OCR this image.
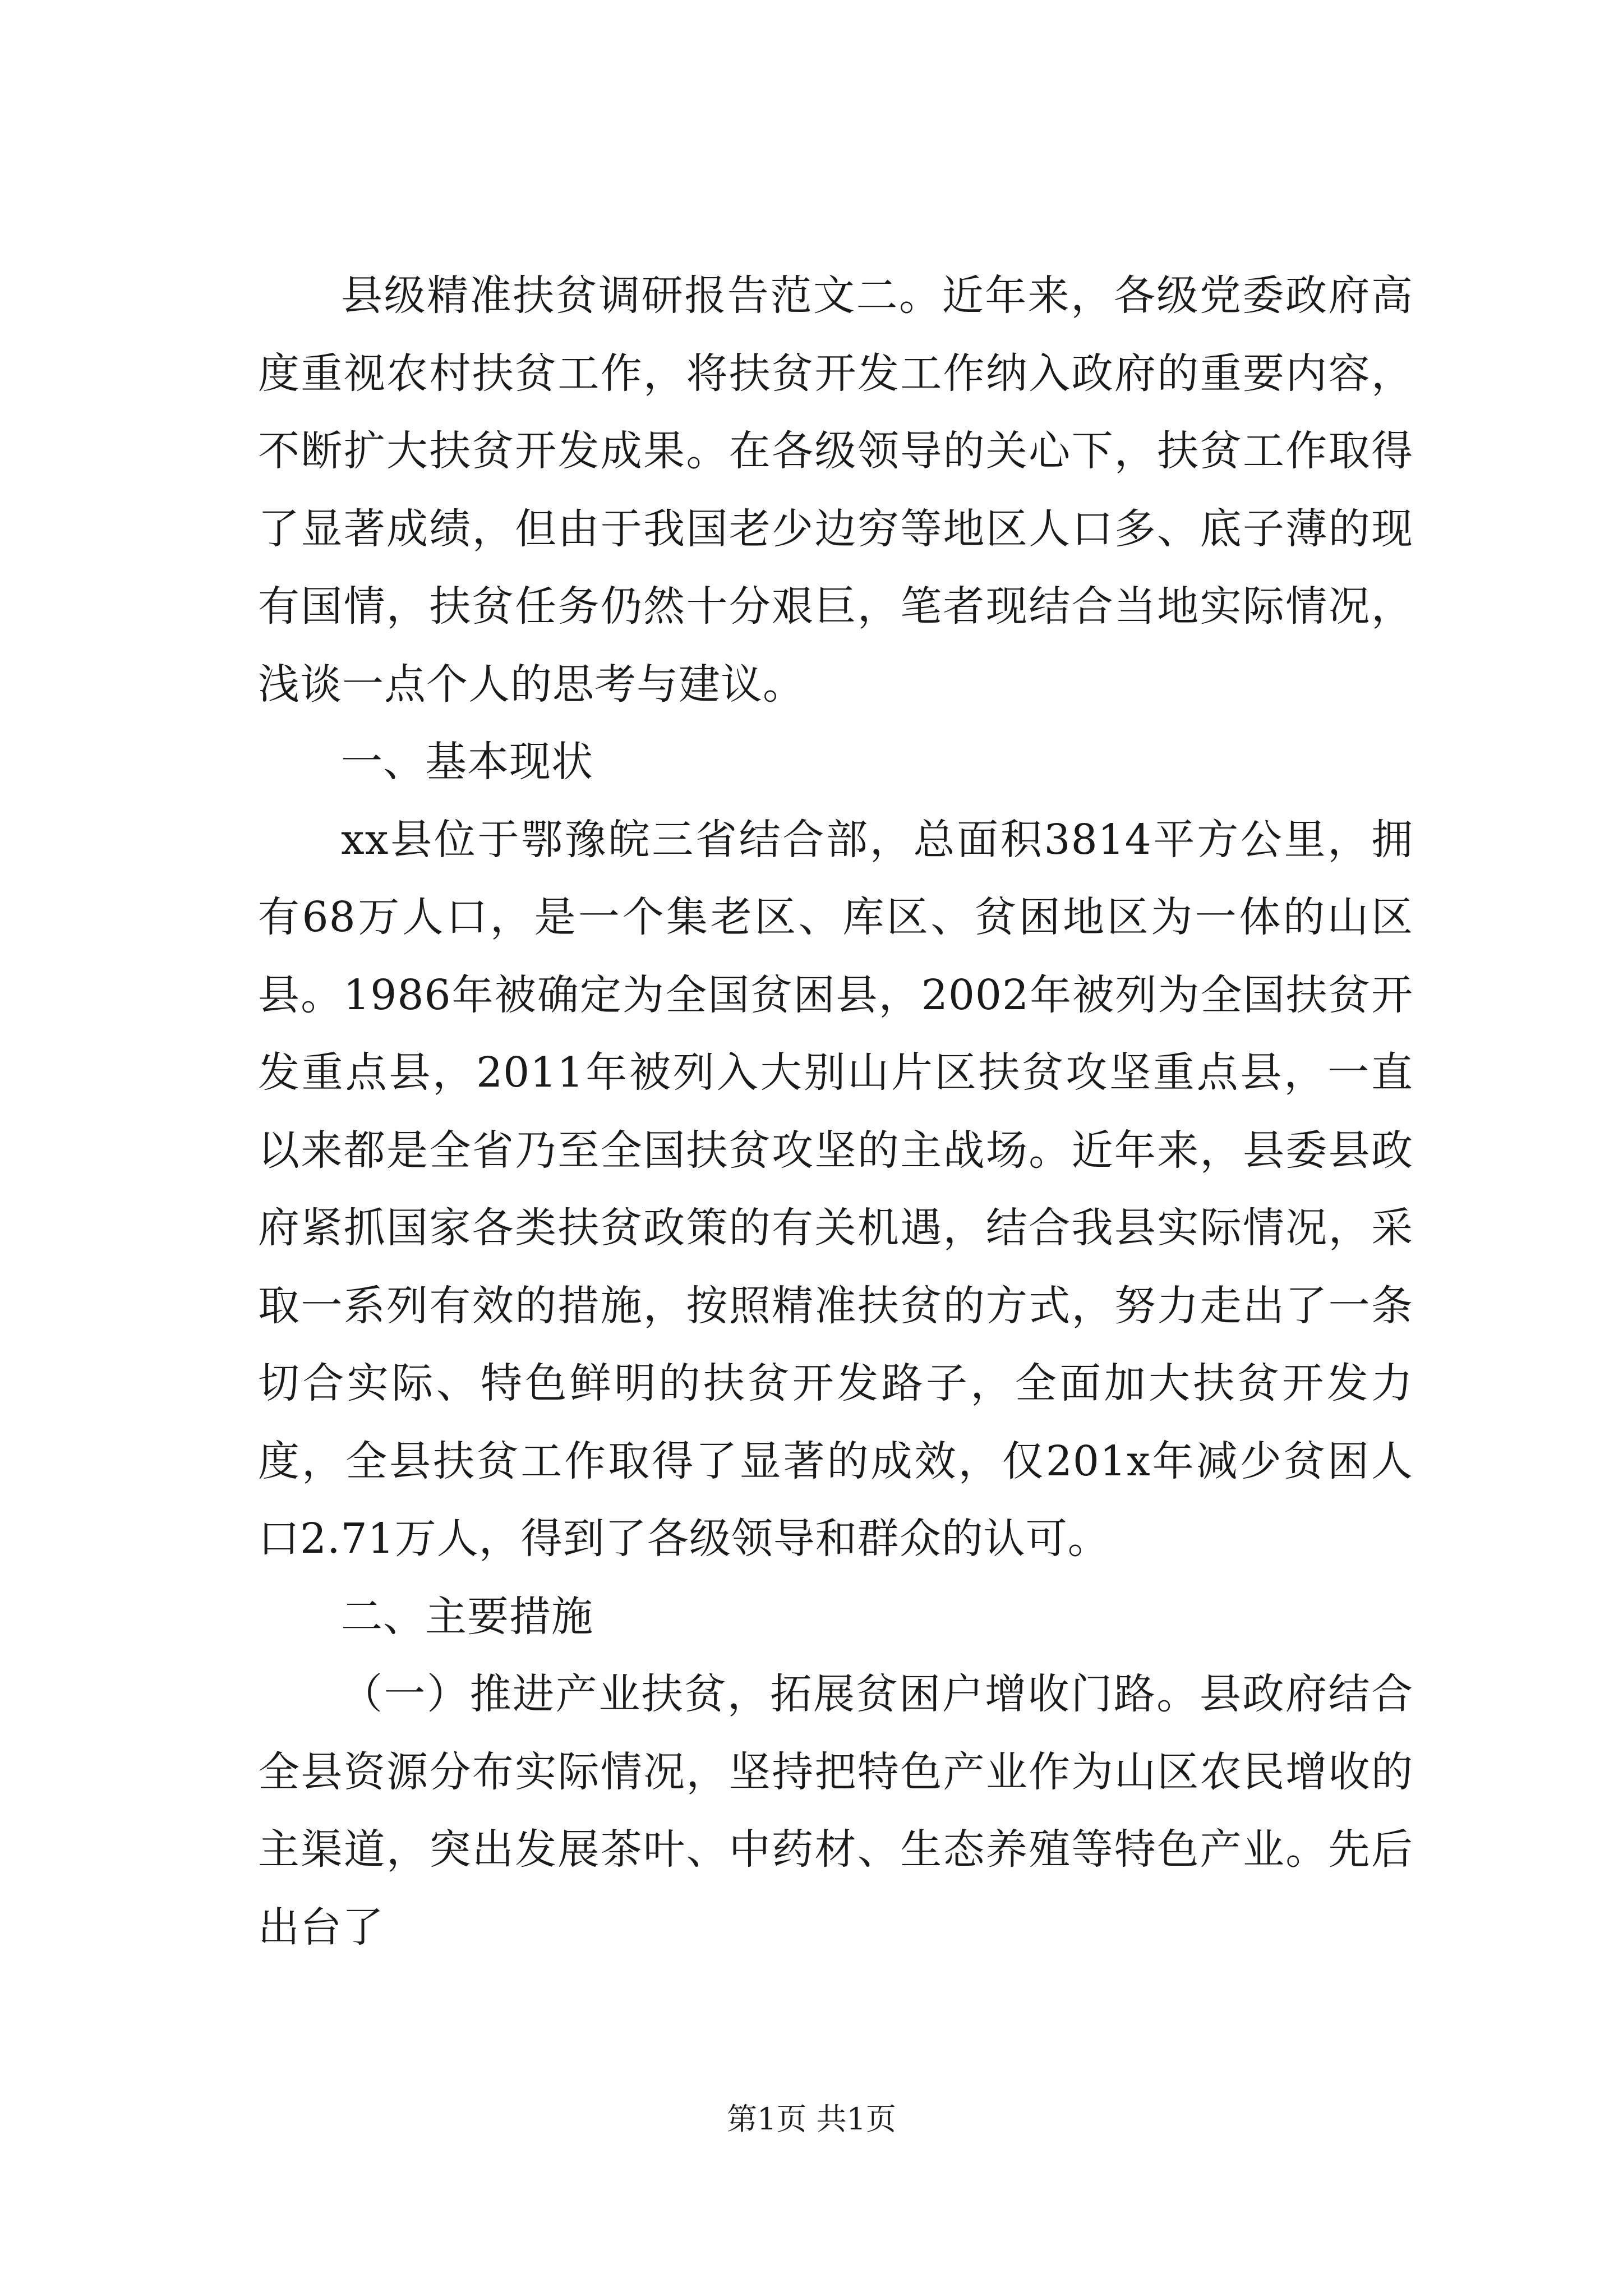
县级精准扶贫调研报告范文二。近年来，各级党委政府高度重视农村扶贫工作，将扶贫开发工作纳入政府的重要内容，不断扩大扶贫开发成果。在各级领导的关心下，扶贫工作取得了显著成绩，但由于我国老少边穷等地区人口多、底子薄的现有国情，扶贫任务仍然十分艰巨，笔者现结合当地实际情况，浅谈一点个人的思考与建议。

一、基本现状

xx县位于鄂豫皖三省结合部，总面积3814平方公里，拥有68万人口，是一个集老区、库区、贫困地区为一体的山区县。1986年被确定为全国贫困县，2002年被列为全国扶贫开发重点县，2011年被列入大别山片区扶贫攻坚重点县，一直以来都是全省乃至全国扶贫攻坚的主战场。近年来，县委县政府紧抓国家各类扶贫政策的有关机遇，结合我县实际情况，采取一系列有效的措施，按照精准扶贫的方式，努力走出了一条切合实际、特色鲜明的扶贫开发路子，全面加大扶贫开发力度，全县扶贫工作取得了显著的成效，仅201x年减少贫困人口2.71万人，得到了各级领导和群众的认可。

二、主要措施

（一）推进产业扶贫，拓展贫困户增收门路。县政府结合全县资源分布实际情况，坚持把特色产业作为山区农民增收的主渠道，突出发展茶叶、中药材、生态养殖等特色产业。先后出台了

第1页 共1页
